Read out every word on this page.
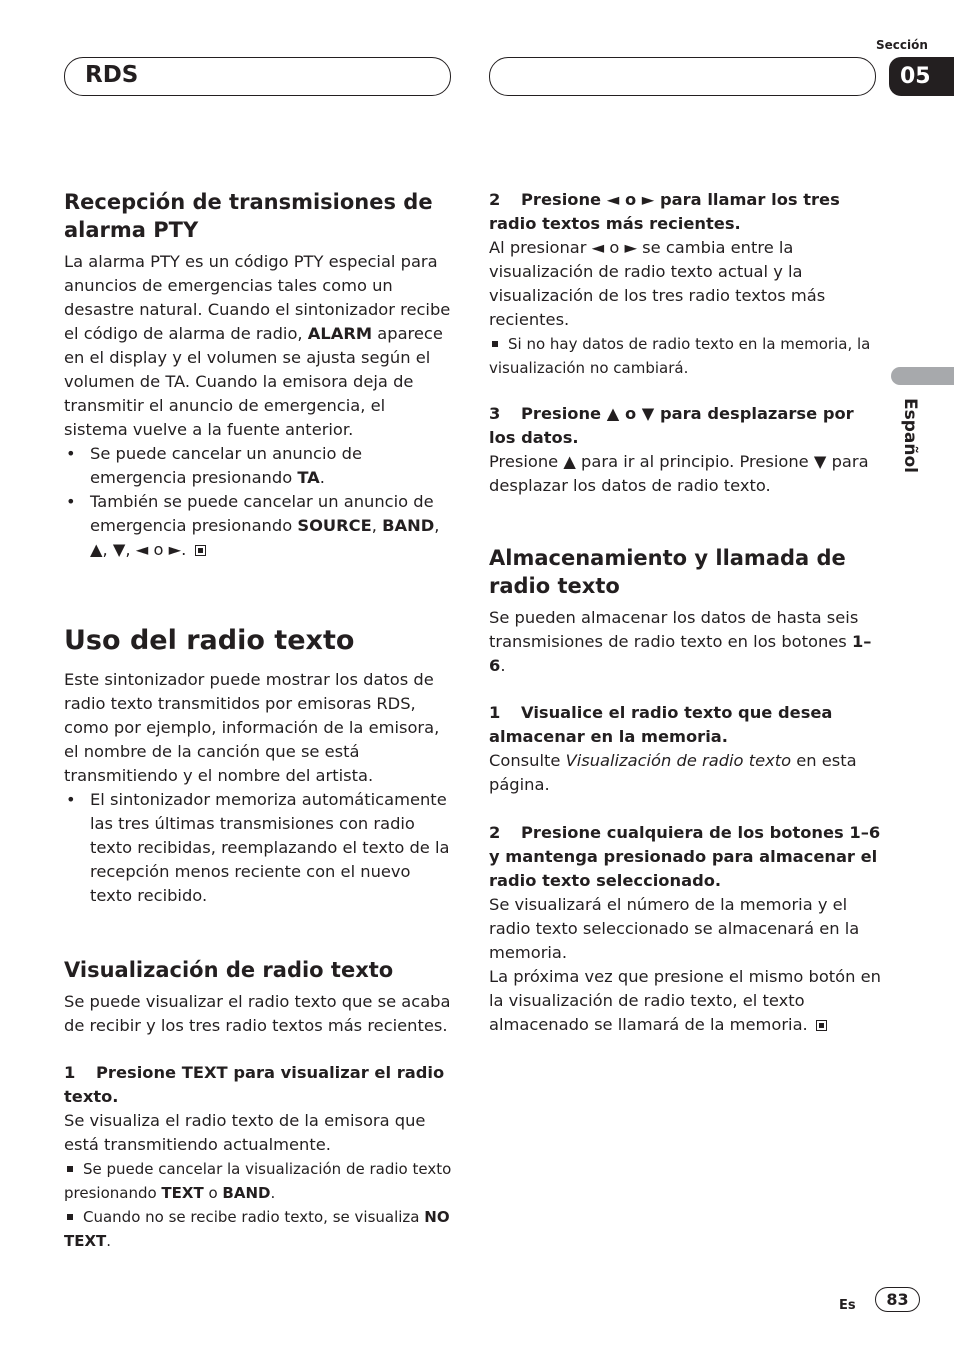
RDS
Sección
05
Español

Recepción de transmisiones de alarma PTY

La alarma PTY es un código PTY especial para anuncios de emergencias tales como un desastre natural. Cuando el sintonizador recibe el código de alarma de radio, ALARM aparece en el display y el volumen se ajusta según el volumen de TA. Cuando la emisora deja de transmitir el anuncio de emergencia, el sistema vuelve a la fuente anterior.

• Se puede cancelar un anuncio de emergencia presionando TA.

• También se puede cancelar un anuncio de emergencia presionando SOURCE, BAND,
▲, ▼, ◄ o ►.

Uso del radio texto

Este sintonizador puede mostrar los datos de radio texto transmitidos por emisoras RDS, como por ejemplo, información de la emisora, el nombre de la canción que se está transmitiendo y el nombre del artista.

• El sintonizador memoriza automáticamente las tres últimas transmisiones con radio texto recibidas, reemplazando el texto de la recepción menos reciente con el nuevo texto recibido.

Visualización de radio texto

Se puede visualizar el radio texto que se acaba de recibir y los tres radio textos más recientes.

1 Presione TEXT para visualizar el radio texto.

Se visualiza el radio texto de la emisora que está transmitiendo actualmente.

Se puede cancelar la visualización de radio texto presionando TEXT o BAND.

Cuando no se recibe radio texto, se visualiza NO TEXT.

2 Presione ◄ o ► para llamar los tres radio textos más recientes.

Al presionar ◄ o ► se cambia entre la visualización de radio texto actual y la visualización de los tres radio textos más recientes.

Si no hay datos de radio texto en la memoria, la visualización no cambiará.

3 Presione ▲ o ▼ para desplazarse por los datos.

Presione ▲ para ir al principio. Presione ▼ para desplazar los datos de radio texto.

Almacenamiento y llamada de radio texto

Se pueden almacenar los datos de hasta seis transmisiones de radio texto en los botones 1–6.

1 Visualice el radio texto que desea almacenar en la memoria.

Consulte Visualización de radio texto en esta página.

2 Presione cualquiera de los botones 1–6 y mantenga presionado para almacenar el radio texto seleccionado.

Se visualizará el número de la memoria y el radio texto seleccionado se almacenará en la memoria.

La próxima vez que presione el mismo botón en la visualización de radio texto, el texto almacenado se llamará de la memoria.

Es	83
